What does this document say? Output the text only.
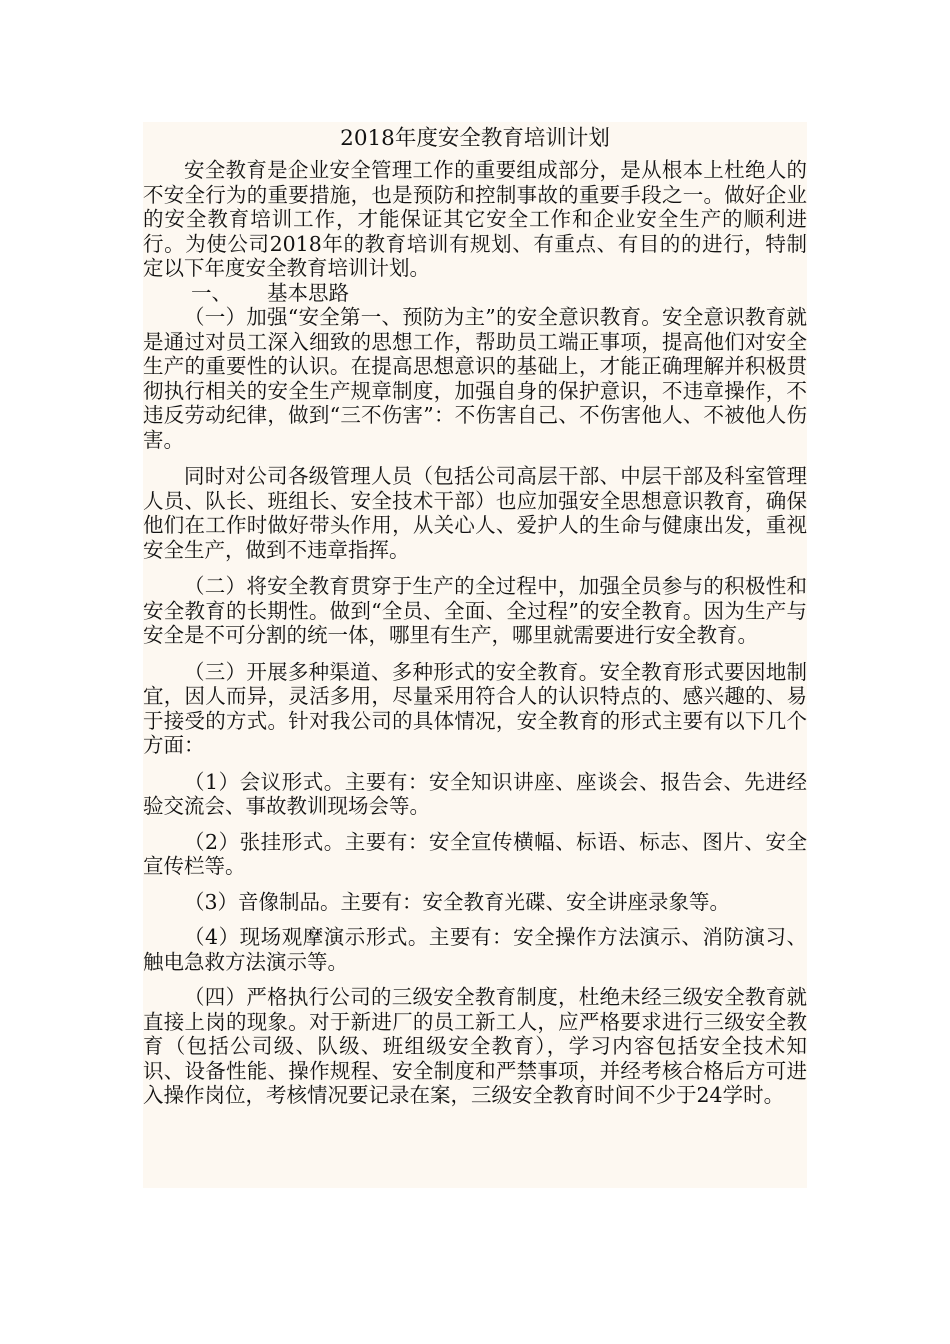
2018年度安全教育培训计划

安全教育是企业安全管理工作的重要组成部分，是从根本上杜绝人的不安全行为的重要措施，也是预防和控制事故的重要手段之一。做好企业的安全教育培训工作，才能保证其它安全工作和企业安全生产的顺利进行。为使公司2018年的教育培训有规划、有重点、有目的的进行，特制定以下年度安全教育培训计划。

一、 基本思路

（一）加强“安全第一、预防为主”的安全意识教育。安全意识教育就是通过对员工深入细致的思想工作，帮助员工端正事项，提高他们对安全生产的重要性的认识。在提高思想意识的基础上，才能正确理解并积极贯彻执行相关的安全生产规章制度，加强自身的保护意识，不违章操作，不违反劳动纪律，做到“三不伤害”：不伤害自己、不伤害他人、不被他人伤害。

同时对公司各级管理人员（包括公司高层干部、中层干部及科室管理人员、队长、班组长、安全技术干部）也应加强安全思想意识教育，确保他们在工作时做好带头作用，从关心人、爱护人的生命与健康出发，重视安全生产，做到不违章指挥。

（二）将安全教育贯穿于生产的全过程中，加强全员参与的积极性和安全教育的长期性。做到“全员、全面、全过程”的安全教育。因为生产与安全是不可分割的统一体，哪里有生产，哪里就需要进行安全教育。

（三）开展多种渠道、多种形式的安全教育。安全教育形式要因地制宜，因人而异，灵活多用，尽量采用符合人的认识特点的、感兴趣的、易于接受的方式。针对我公司的具体情况，安全教育的形式主要有以下几个方面：

（1）会议形式。主要有：安全知识讲座、座谈会、报告会、先进经验交流会、事故教训现场会等。

（2）张挂形式。主要有：安全宣传横幅、标语、标志、图片、安全宣传栏等。

（3）音像制品。主要有：安全教育光碟、安全讲座录象等。

（4）现场观摩演示形式。主要有：安全操作方法演示、消防演习、触电急救方法演示等。

（四）严格执行公司的三级安全教育制度，杜绝未经三级安全教育就直接上岗的现象。对于新进厂的员工新工人，应严格要求进行三级安全教育（包括公司级、队级、班组级安全教育），学习内容包括安全技术知识、设备性能、操作规程、安全制度和严禁事项，并经考核合格后方可进入操作岗位，考核情况要记录在案，三级安全教育时间不少于24学时。
